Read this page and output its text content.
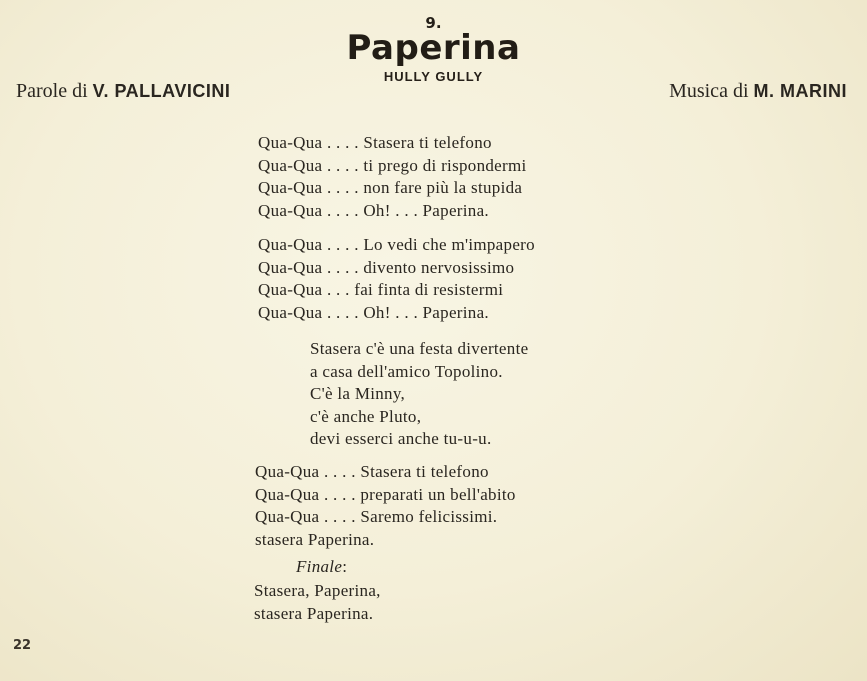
9.
Paperina
HULLY GULLY
Parole di V. PALLAVICINI	Musica di M. MARINI
Qua-Qua . . . . Stasera ti telefono
Qua-Qua . . . . ti prego di rispondermi
Qua-Qua . . . . non fare più la stupida
Qua-Qua . . . . Oh! . . . Paperina.
Qua-Qua . . . . Lo vedi che m'impapero
Qua-Qua . . . . divento nervosissimo
Qua-Qua . . . fai finta di resistermi
Qua-Qua . . . . Oh! . . . Paperina.
Stasera c'è una festa divertente
a casa dell'amico Topolino.
C'è la Minny,
c'è anche Pluto,
devi esserci anche tu-u-u.
Qua-Qua . . . . Stasera ti telefono
Qua-Qua . . . . preparati un bell'abito
Qua-Qua . . . . Saremo felicissimi.
stasera Paperina.
Finale:
Stasera, Paperina,
stasera Paperina.
22
